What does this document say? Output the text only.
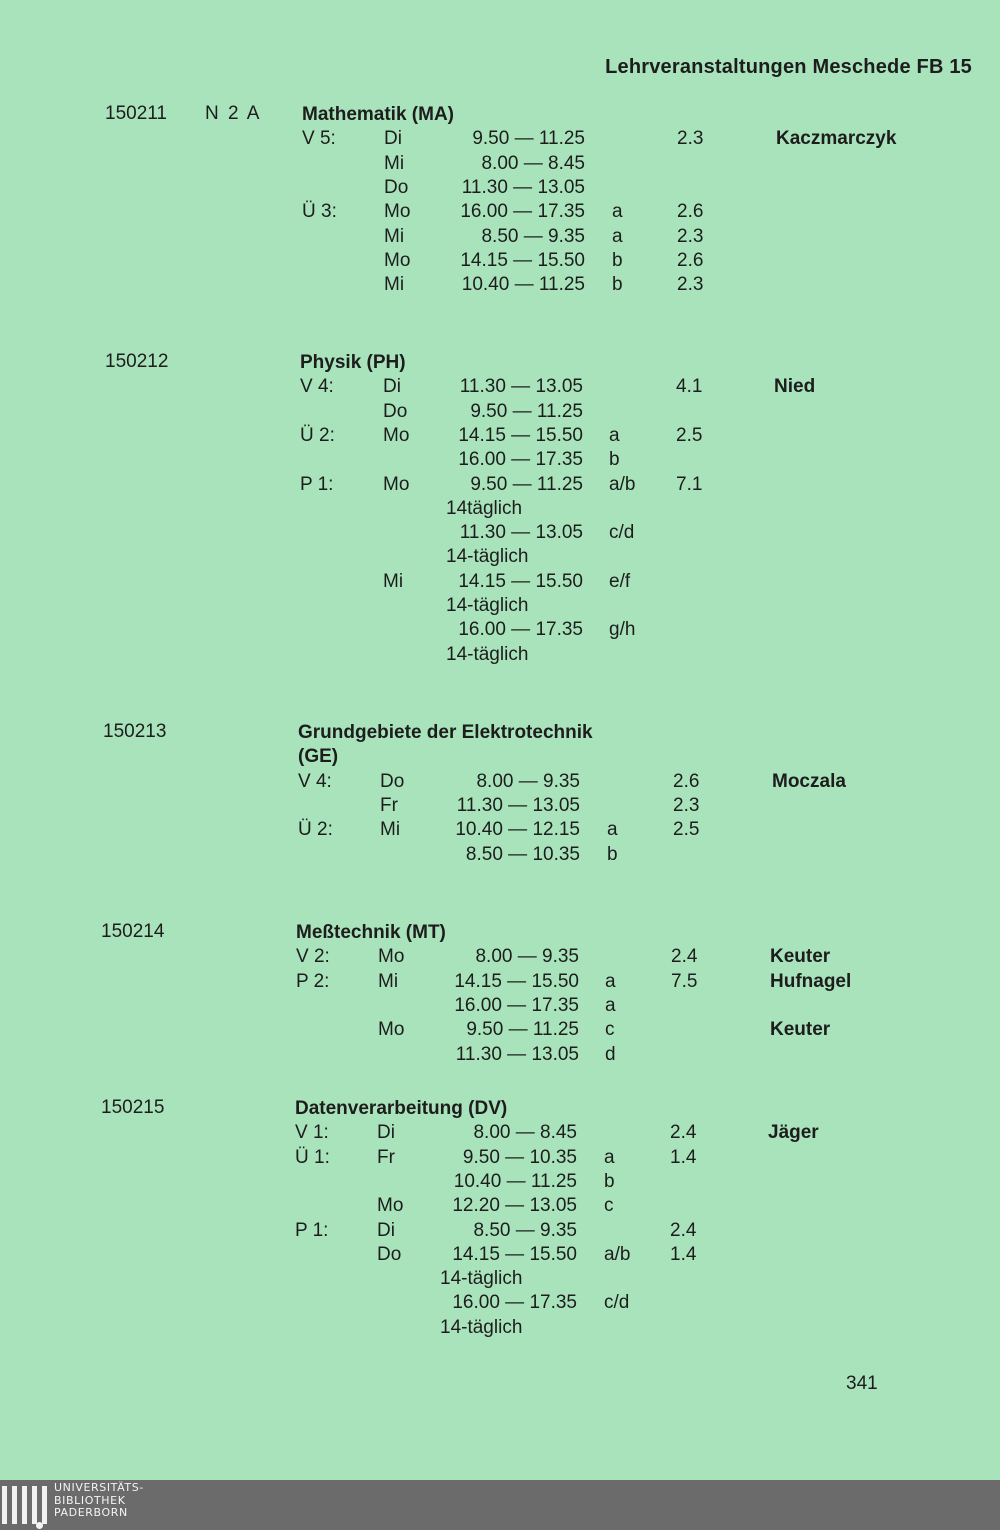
Lehrveranstaltungen Meschede FB 15
150211 N 2 A Mathematik (MA)
V 5:	Di	9.50 — 11.25	2.3	Kaczmarczyk
Mi	8.00 — 8.45
Do	11.30 — 13.05
Ü 3:	Mo	16.00 — 17.35 a	2.6
Mi	8.50 — 9.35 a	2.3
Mo	14.15 — 15.50 b	2.6
Mi	10.40 — 11.25 b	2.3
150212	Physik (PH)
V 4:	Di	11.30 — 13.05	4.1	Nied
Do	9.50 — 11.25
Ü 2:	Mo	14.15 — 15.50 a	2.5
16.00 — 17.35 b
P 1:	Mo	9.50 — 11.25 a/b 7.1
14täglich
11.30 — 13.05 c/d
14-täglich
Mi	14.15 — 15.50 e/f
14-täglich
16.00 — 17.35 g/h
14-täglich
150213	Grundgebiete der Elektrotechnik
(GE)
V 4:	Do	8.00 — 9.35	2.6	Moczala
Fr	11.30 — 13.05	2.3
Ü 2:	Mi	10.40 — 12.15 a	2.5
8.50 — 10.35 b
150214	Meßtechnik (MT)
V 2:	Mo	8.00 — 9.35	2.4	Keuter
P 2:	Mi	14.15 — 15.50 a	7.5	Hufnagel
16.00 — 17.35 a
Mo	9.50 — 11.25 c	Keuter
11.30 — 13.05 d
150215	Datenverarbeitung (DV)
V 1:	Di	8.00 — 8.45	2.4	Jäger
Ü 1:	Fr	9.50 — 10.35 a	1.4
10.40 — 11.25 b
Mo	12.20 — 13.05 c
P 1:	Di	8.50 — 9.35	2.4
Do	14.15 — 15.50 a/b 1.4
14-täglich
16.00 — 17.35 c/d
14-täglich
341
UNIVERSITÄTS-
BIBLIOTHEK
PADERBORN
